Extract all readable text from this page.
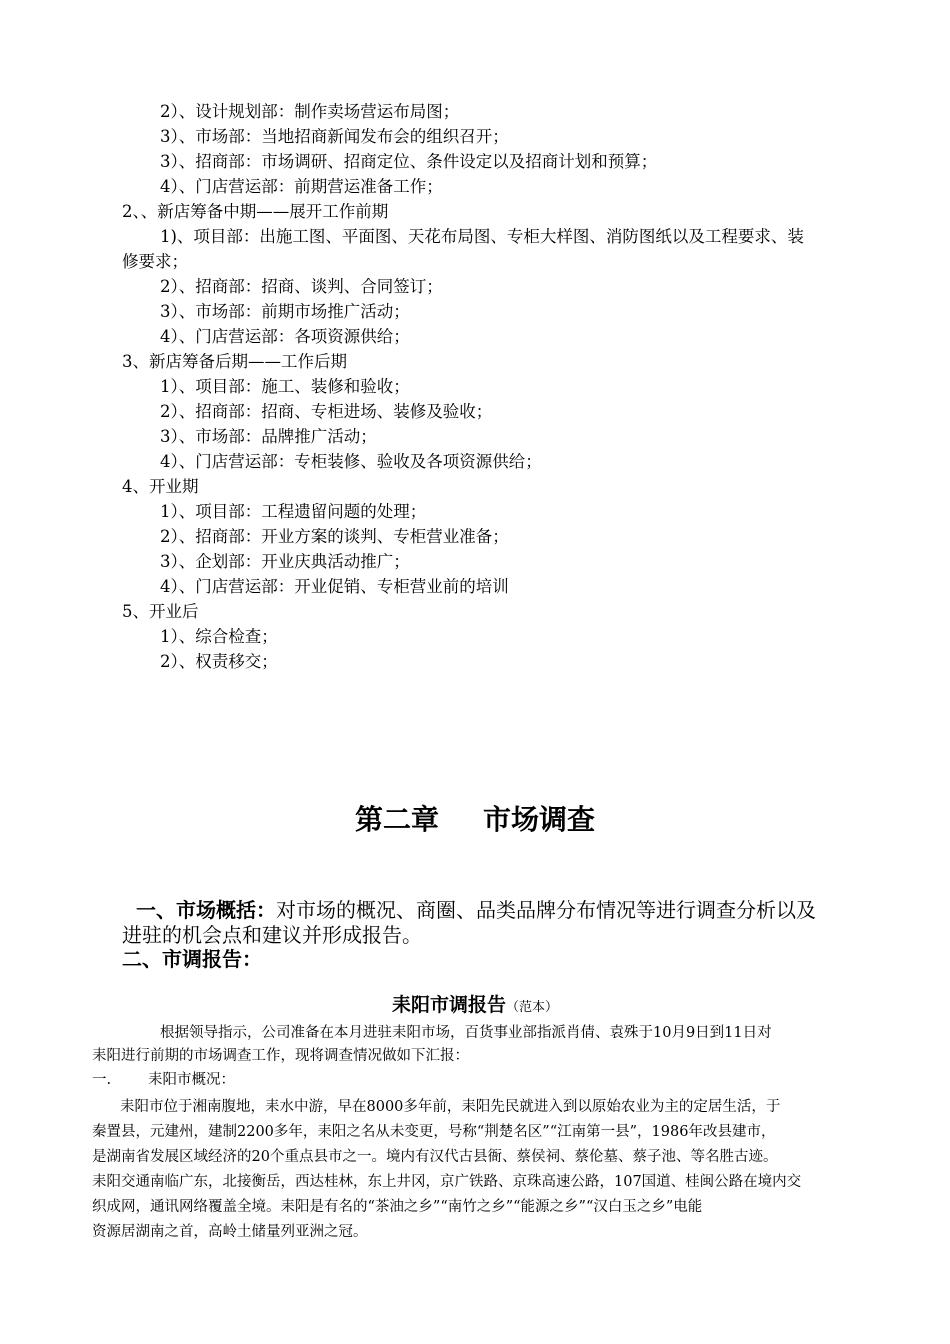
2）、设计规划部：制作卖场营运布局图；
3）、市场部：当地招商新闻发布会的组织召开；
3）、招商部：市场调研、招商定位、条件设定以及招商计划和预算；
4）、门店营运部：前期营运准备工作；
2、、新店筹备中期——展开工作前期
1)、项目部：出施工图、平面图、天花布局图、专柜大样图、消防图纸以及工程要求、装
修要求；
2）、招商部：招商、谈判、合同签订；
3）、市场部：前期市场推广活动；
4）、门店营运部：各项资源供给；
3、新店筹备后期——工作后期
1）、项目部：施工、装修和验收；
2）、招商部：招商、专柜进场、装修及验收；
3）、市场部：品牌推广活动；
4）、门店营运部：专柜装修、验收及各项资源供给；
4、开业期
1）、项目部：工程遗留问题的处理；
2）、招商部：开业方案的谈判、专柜营业准备；
3）、企划部：开业庆典活动推广；
4）、门店营运部：开业促销、专柜营业前的培训
5、开业后
1）、综合检查；
2）、权责移交；
第二章 市场调查
一、市场概括：对市场的概况、商圈、品类品牌分布情况等进行调查分析以及
进驻的机会点和建议并形成报告。
二、市调报告：
耒阳市调报告（范本）
根据领导指示，公司准备在本月进驻耒阳市场，百货事业部指派肖倩、袁殊于10月9日到11日对
耒阳进行前期的市场调查工作，现将调查情况做如下汇报：
一.	耒阳市概况：
耒阳市位于湘南腹地，耒水中游，早在8000多年前，耒阳先民就进入到以原始农业为主的定居生活，于
秦置县，元建州，建制2200多年，耒阳之名从未变更，号称“荆楚名区”“江南第一县”，1986年改县建市，
是湖南省发展区域经济的20个重点县市之一。境内有汉代古县衙、蔡侯祠、蔡伦墓、蔡子池、等名胜古迹。
耒阳交通南临广东，北接衡岳，西达桂林，东上井冈，京广铁路、京珠高速公路，107国道、桂闽公路在境内交
织成网，通讯网络覆盖全境。耒阳是有名的“茶油之乡”“南竹之乡”“能源之乡”“汉白玉之乡”电能
资源居湖南之首，高岭土储量列亚洲之冠。
